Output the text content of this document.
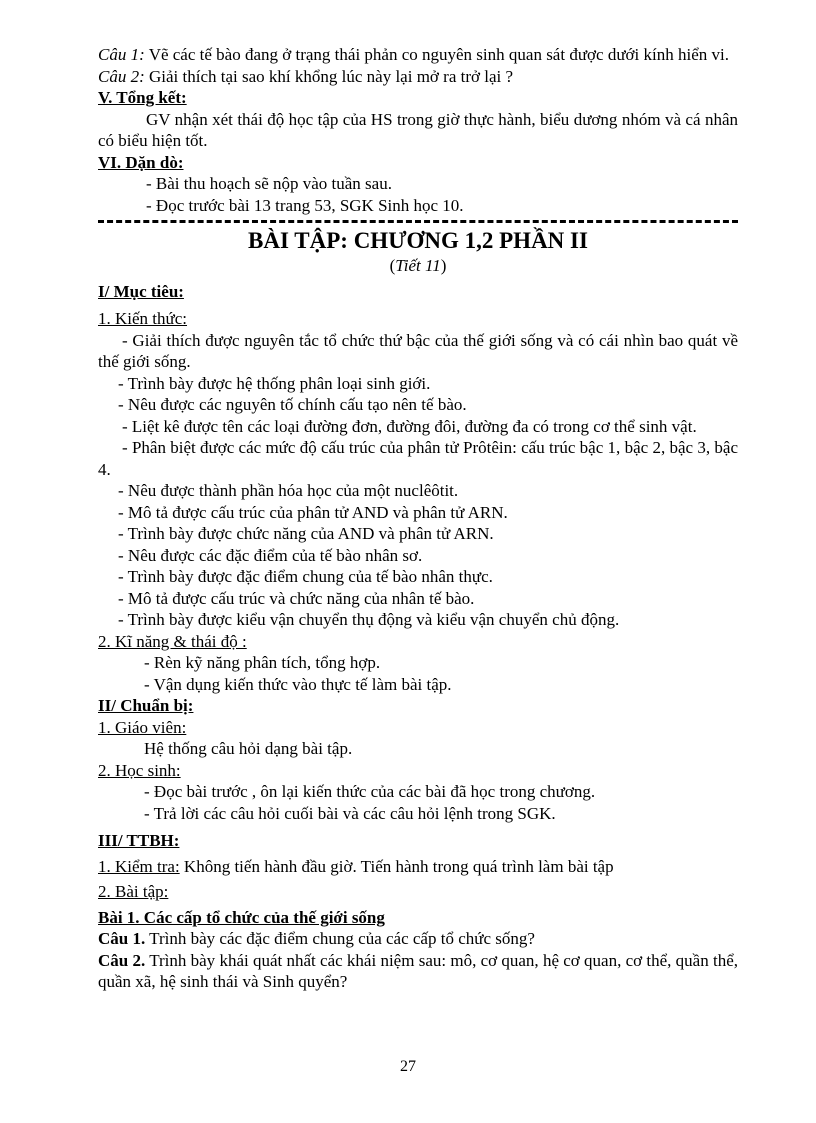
Câu 1: Vẽ các tế bào đang ở trạng thái phản co nguyên sinh quan sát được dưới kính hiển vi.

Câu 2: Giải thích tại sao khí khổng lúc này lại mở ra trở lại ?

V. Tổng kết:

GV nhận xét thái độ học tập của HS trong giờ thực hành, biểu dương nhóm và cá nhân có biểu hiện tốt.

VI. Dặn dò:

- Bài thu hoạch sẽ nộp vào tuần sau.

- Đọc trước bài 13 trang 53, SGK Sinh học 10.

BÀI TẬP: CHƯƠNG 1,2 PHẦN II

(Tiết 11)

I/ Mục tiêu:

1. Kiến thức:

- Giải thích được nguyên tắc tổ chức thứ bậc của thế giới sống và có cái nhìn bao quát về thế giới sống.

- Trình bày được hệ thống phân loại sinh giới.

- Nêu được các nguyên tố chính cấu tạo nên tế bào.

- Liệt kê được tên các loại đường đơn, đường đôi, đường đa có trong cơ thể sinh vật.

- Phân biệt được các mức độ cấu trúc của phân tử Prôtêin: cấu trúc bậc 1, bậc 2, bậc 3, bậc 4.

- Nêu được thành phần hóa học của một nuclêôtit.

- Mô tả được cấu trúc của phân tử AND và phân tử ARN.

- Trình bày được chức năng của AND và phân tử ARN.

- Nêu được các đặc điểm của tế bào nhân sơ.

- Trình bày được đặc điểm chung của tế bào nhân thực.

- Mô tả được cấu trúc và chức năng của nhân tế bào.

- Trình bày được kiểu vận chuyển thụ động và kiểu vận chuyển chủ động.

2. Kĩ năng & thái độ :

- Rèn kỹ năng phân tích, tổng hợp.

- Vận dụng kiến thức vào thực tế làm bài tập.

II/ Chuẩn bị:

1. Giáo viên:

Hệ thống câu hỏi dạng bài tập.

2. Học sinh:

- Đọc bài trước , ôn lại kiến thức của các bài đã học trong chương.

- Trả lời các câu hỏi cuối bài và các câu hỏi lệnh trong SGK.

III/ TTBH:

1. Kiểm tra: Không tiến hành đầu giờ. Tiến hành trong quá trình làm bài tập

2. Bài tập:

Bài 1. Các cấp tổ chức của thế giới sống

Câu 1. Trình bày các đặc điểm chung của các cấp tổ chức sống?

Câu 2. Trình bày khái quát nhất các khái niệm sau: mô, cơ quan, hệ cơ quan, cơ thể, quần thể, quần xã, hệ sinh thái và Sinh quyển?

27
